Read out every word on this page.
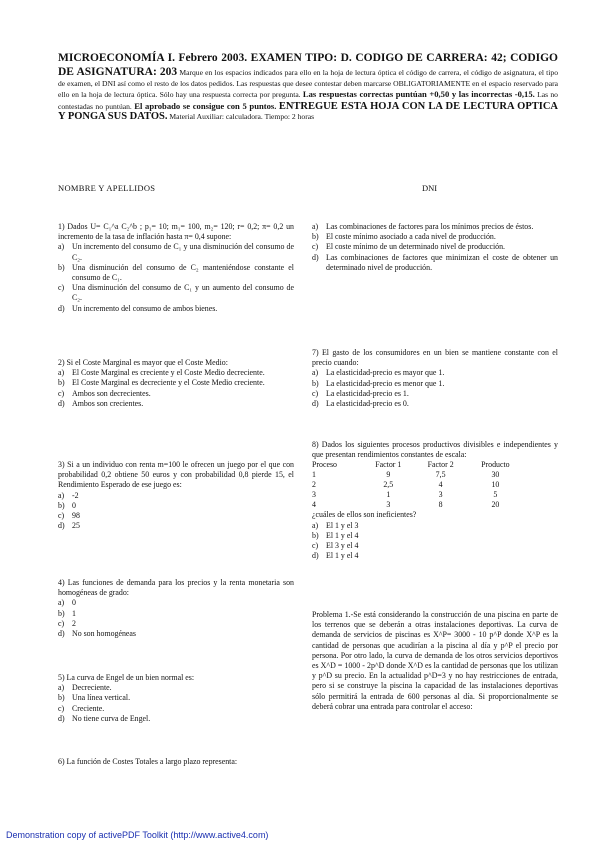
MICROECONOMÍA I. Febrero 2003. EXAMEN TIPO: D. CODIGO DE CARRERA: 42; CODIGO DE ASIGNATURA: 203 Marque en los espacios indicados para ello en la hoja de lectura óptica el código de carrera, el código de asignatura, el tipo de examen, el DNI así como el resto de los datos pedidos. Las respuestas que desee contestar deben marcarse OBLIGATORIAMENTE en el espacio reservado para ello en la hoja de lectura óptica. Sólo hay una respuesta correcta por pregunta. Las respuestas correctas puntúan +0,50 y las incorrectas -0,15. Las no contestadas no puntúan. El aprobado se consigue con 5 puntos. ENTREGUE ESTA HOJA CON LA DE LECTURA OPTICA Y PONGA SUS DATOS. Material Auxiliar: calculadora. Tiempo: 2 horas
NOMBRE Y APELLIDOS	DNI

1) Dados U= C₁^a C₂^b ; p₁= 10; m₁= 100, m₂= 120; r= 0,2; π= 0,2 un incremento de la tasa de inflación hasta π= 0,4 supone:

a) Un incremento del consumo de C₁ y una disminución del consumo de C₂.
b) Una disminución del consumo de C₂ manteniéndose constante el consumo de C₁.
c) Una disminución del consumo de C₁ y un aumento del consumo de C₂.
d) Un incremento del consumo de ambos bienes.

2) Si el Coste Marginal es mayor que el Coste Medio:

a) El Coste Marginal es creciente y el Coste Medio decreciente.
b) El Coste Marginal es decreciente y el Coste Medio creciente.
c) Ambos son decrecientes.
d) Ambos son crecientes.

3) Si a un individuo con renta m=100 le ofrecen un juego por el que con probabilidad 0,2 obtiene 50 euros y con probabilidad 0,8 pierde 15, el Rendimiento Esperado de ese juego es:

a) -2
b) 0
c) 98
d) 25

4) Las funciones de demanda para los precios y la renta monetaria son homogéneas de grado:

a) 0
b) 1
c) 2
d) No son homogéneas

5) La curva de Engel de un bien normal es:

a) Decreciente.
b) Una línea vertical.
c) Creciente.
d) No tiene curva de Engel.

6) La función de Costes Totales a largo plazo representa:

a) Las combinaciones de factores para los mínimos precios de éstos.
b) El coste mínimo asociado a cada nivel de producción.
c) El coste mínimo de un determinado nivel de producción.
d) Las combinaciones de factores que minimizan el coste de obtener un determinado nivel de producción.

7) El gasto de los consumidores en un bien se mantiene constante con el precio cuando:

a) La elasticidad-precio es mayor que 1.
b) La elasticidad-precio es menor que 1.
c) La elasticidad-precio es 1.
d) La elasticidad-precio es 0.

8) Dados los siguientes procesos productivos divisibles e independientes y que presentan rendimientos constantes de escala:

Proceso	Factor 1	Factor 2	Producto
1	9	7,5	30
2	2,5	4	10
3	1	3	5
4	3	8	20

¿cuáles de ellos son ineficientes?

a) El 1 y el 3
b) El 1 y el 4
c) El 3 y el 4
d) El 1 y el 4

Problema 1.-Se está considerando la construcción de una piscina en parte de los terrenos que se deberán a otras instalaciones deportivas. La curva de demanda de servicios de piscinas es X^P= 3000 - 10 p^P donde X^P es la cantidad de personas que acudirían a la piscina al día y p^P el precio por persona. Por otro lado, la curva de demanda de los otros servicios deportivos es X^D = 1000 - 2p^D donde X^D es la cantidad de personas que los utilizan y p^D su precio. En la actualidad p^D=3 y no hay restricciones de entrada, pero si se construye la piscina la capacidad de las instalaciones deportivas sólo permitirá la entrada de 600 personas al día. Si proporcionalmente se deberá cobrar una entrada para controlar el acceso:

Demonstration copy of activePDF Toolkit (http://www.active4.com)
